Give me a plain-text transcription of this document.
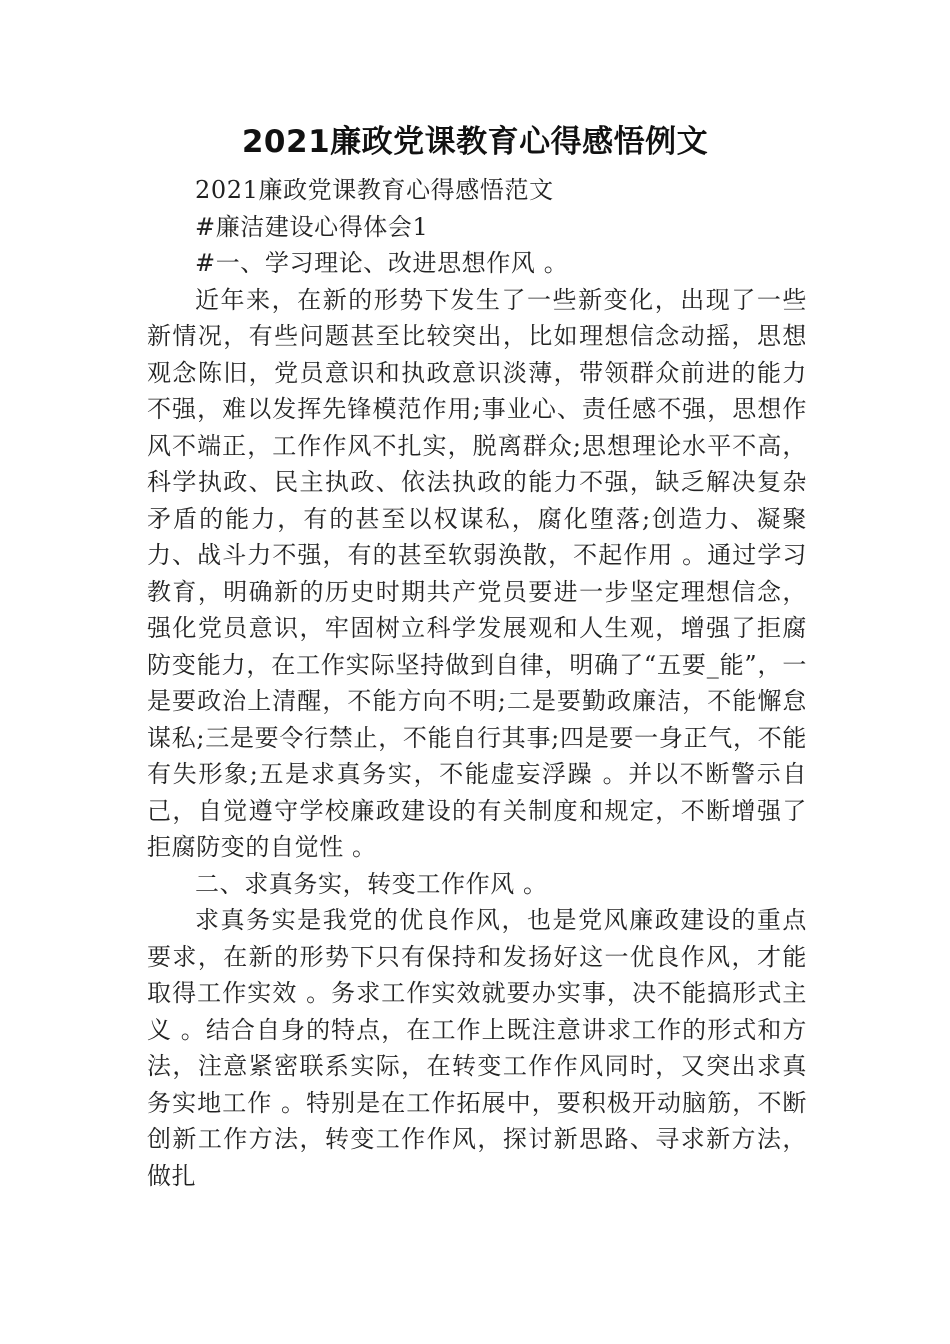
2021廉政党课教育心得感悟例文

2021廉政党课教育心得感悟范文

#廉洁建设心得体会1

#一、学习理论、改进思想作风 。

近年来，在新的形势下发生了一些新变化，出现了一些新情况，有些问题甚至比较突出，比如理想信念动摇，思想观念陈旧，党员意识和执政意识淡薄，带领群众前进的能力不强，难以发挥先锋模范作用;事业心、责任感不强，思想作风不端正，工作作风不扎实，脱离群众;思想理论水平不高，科学执政、民主执政、依法执政的能力不强，缺乏解决复杂矛盾的能力，有的甚至以权谋私，腐化堕落;创造力、凝聚力、战斗力不强，有的甚至软弱涣散，不起作用 。通过学习教育，明确新的历史时期共产党员要进一步坚定理想信念，强化党员意识，牢固树立科学发展观和人生观，增强了拒腐防变能力，在工作实际坚持做到自律，明确了“五要_能”，一是要政治上清醒，不能方向不明;二是要勤政廉洁，不能懈怠谋私;三是要令行禁止，不能自行其事;四是要一身正气，不能有失形象;五是求真务实，不能虚妄浮躁 。并以不断警示自己，自觉遵守学校廉政建设的有关制度和规定，不断增强了拒腐防变的自觉性 。

二、求真务实，转变工作作风 。

求真务实是我党的优良作风，也是党风廉政建设的重点要求，在新的形势下只有保持和发扬好这一优良作风，才能取得工作实效 。务求工作实效就要办实事，决不能搞形式主义 。结合自身的特点，在工作上既注意讲求工作的形式和方法，注意紧密联系实际，在转变工作作风同时，又突出求真务实地工作 。特别是在工作拓展中，要积极开动脑筋，不断创新工作方法，转变工作作风，探讨新思路、寻求新方法，做扎
